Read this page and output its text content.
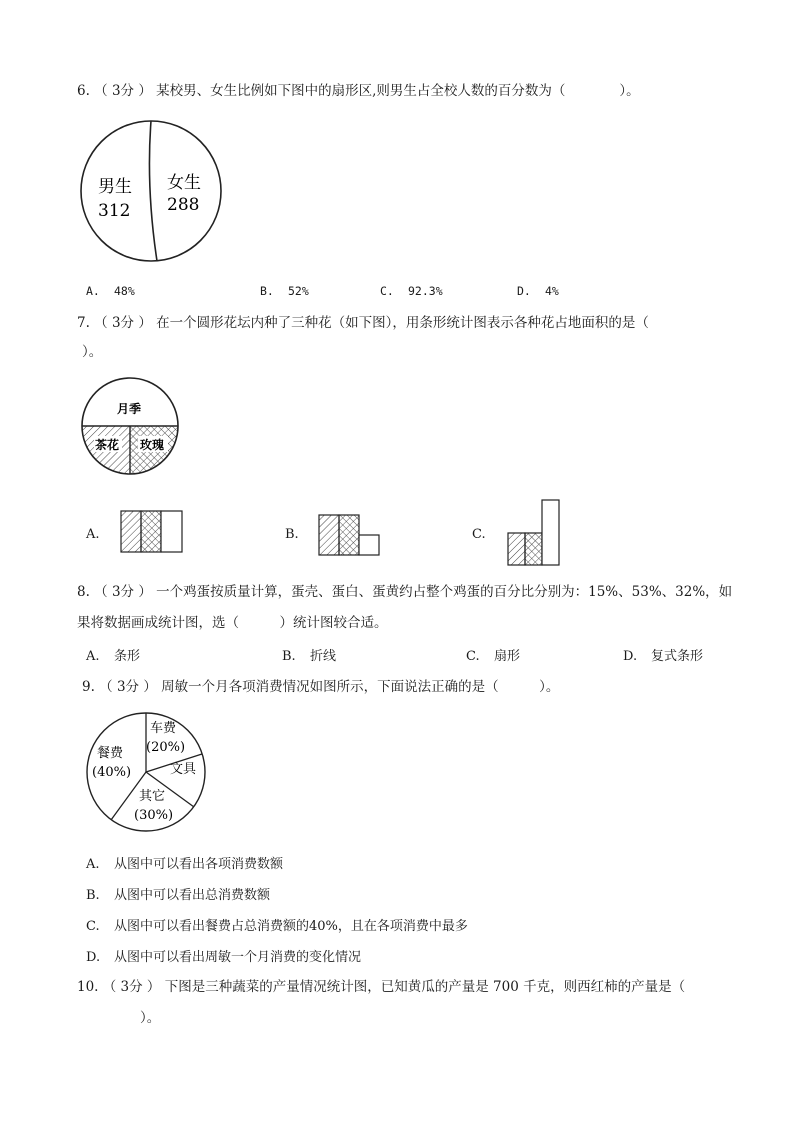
6. （ 3分 ） 某校男、女生比例如下图中的扇形区,则男生占全校人数的百分数为（　　　　）。
男生
312
女生
288
A. 48%	B. 52%	C. 92.3%	D. 4%
7. （ 3分 ） 在一个圆形花坛内种了三种花（如下图），用条形统计图表示各种花占地面积的是（
）。
月季
茶花 玫瑰
A.	B.	C.
8. （ 3分 ） 一个鸡蛋按质量计算，蛋壳、蛋白、蛋黄约占整个鸡蛋的百分比分别为：15%、53%、32%，如
果将数据画成统计图，选（　　　）统计图较合适。
A. 条形	B. 折线	C. 扇形	D. 复式条形
9. （ 3分 ） 周敏一个月各项消费情况如图所示，下面说法正确的是（　　　）。
车费
(20%)
餐费
(40%)	文具
其它
(30%)
A. 从图中可以看出各项消费数额
B. 从图中可以看出总消费数额
C. 从图中可以看出餐费占总消费额的40%，且在各项消费中最多
D. 从图中可以看出周敏一个月消费的变化情况
10. （ 3分 ） 下图是三种蔬菜的产量情况统计图，已知黄瓜的产量是 700 千克，则西红柿的产量是（
）。
